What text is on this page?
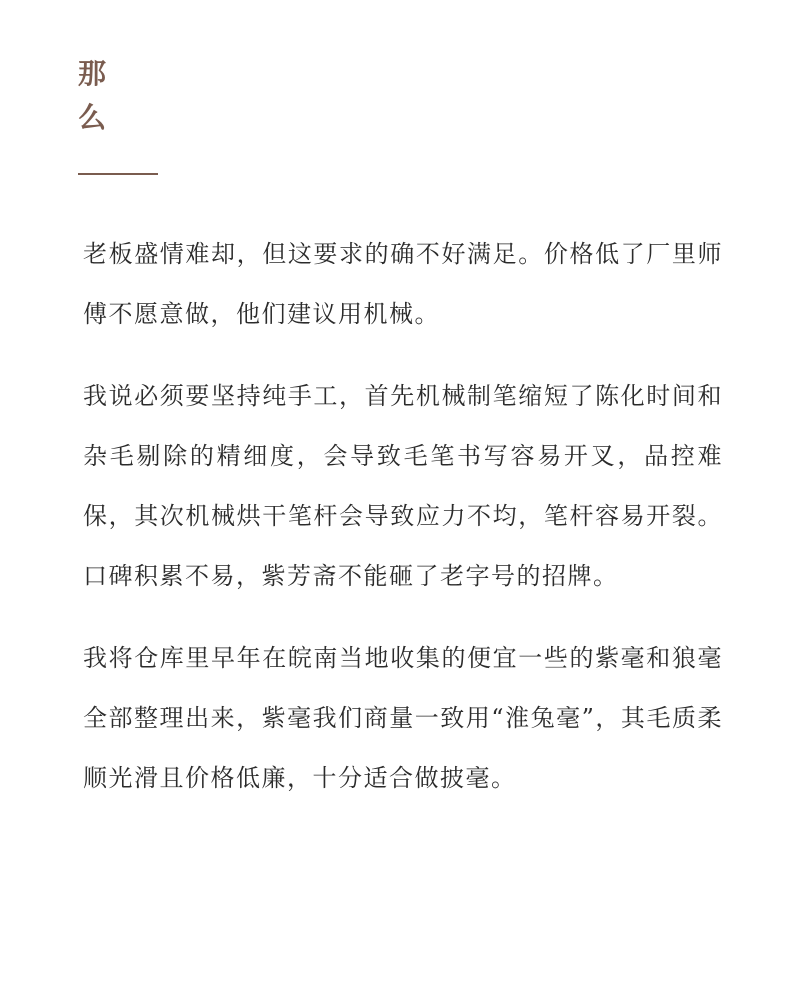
那
么

老板盛情难却，但这要求的确不好满足。价格低了厂里师傅不愿意做，他们建议用机械。

我说必须要坚持纯手工，首先机械制笔缩短了陈化时间和杂毛剔除的精细度，会导致毛笔书写容易开叉，品控难保，其次机械烘干笔杆会导致应力不均，笔杆容易开裂。口碑积累不易，紫芳斋不能砸了老字号的招牌。

我将仓库里早年在皖南当地收集的便宜一些的紫毫和狼毫全部整理出来，紫毫我们商量一致用“淮兔毫”，其毛质柔顺光滑且价格低廉，十分适合做披毫。
